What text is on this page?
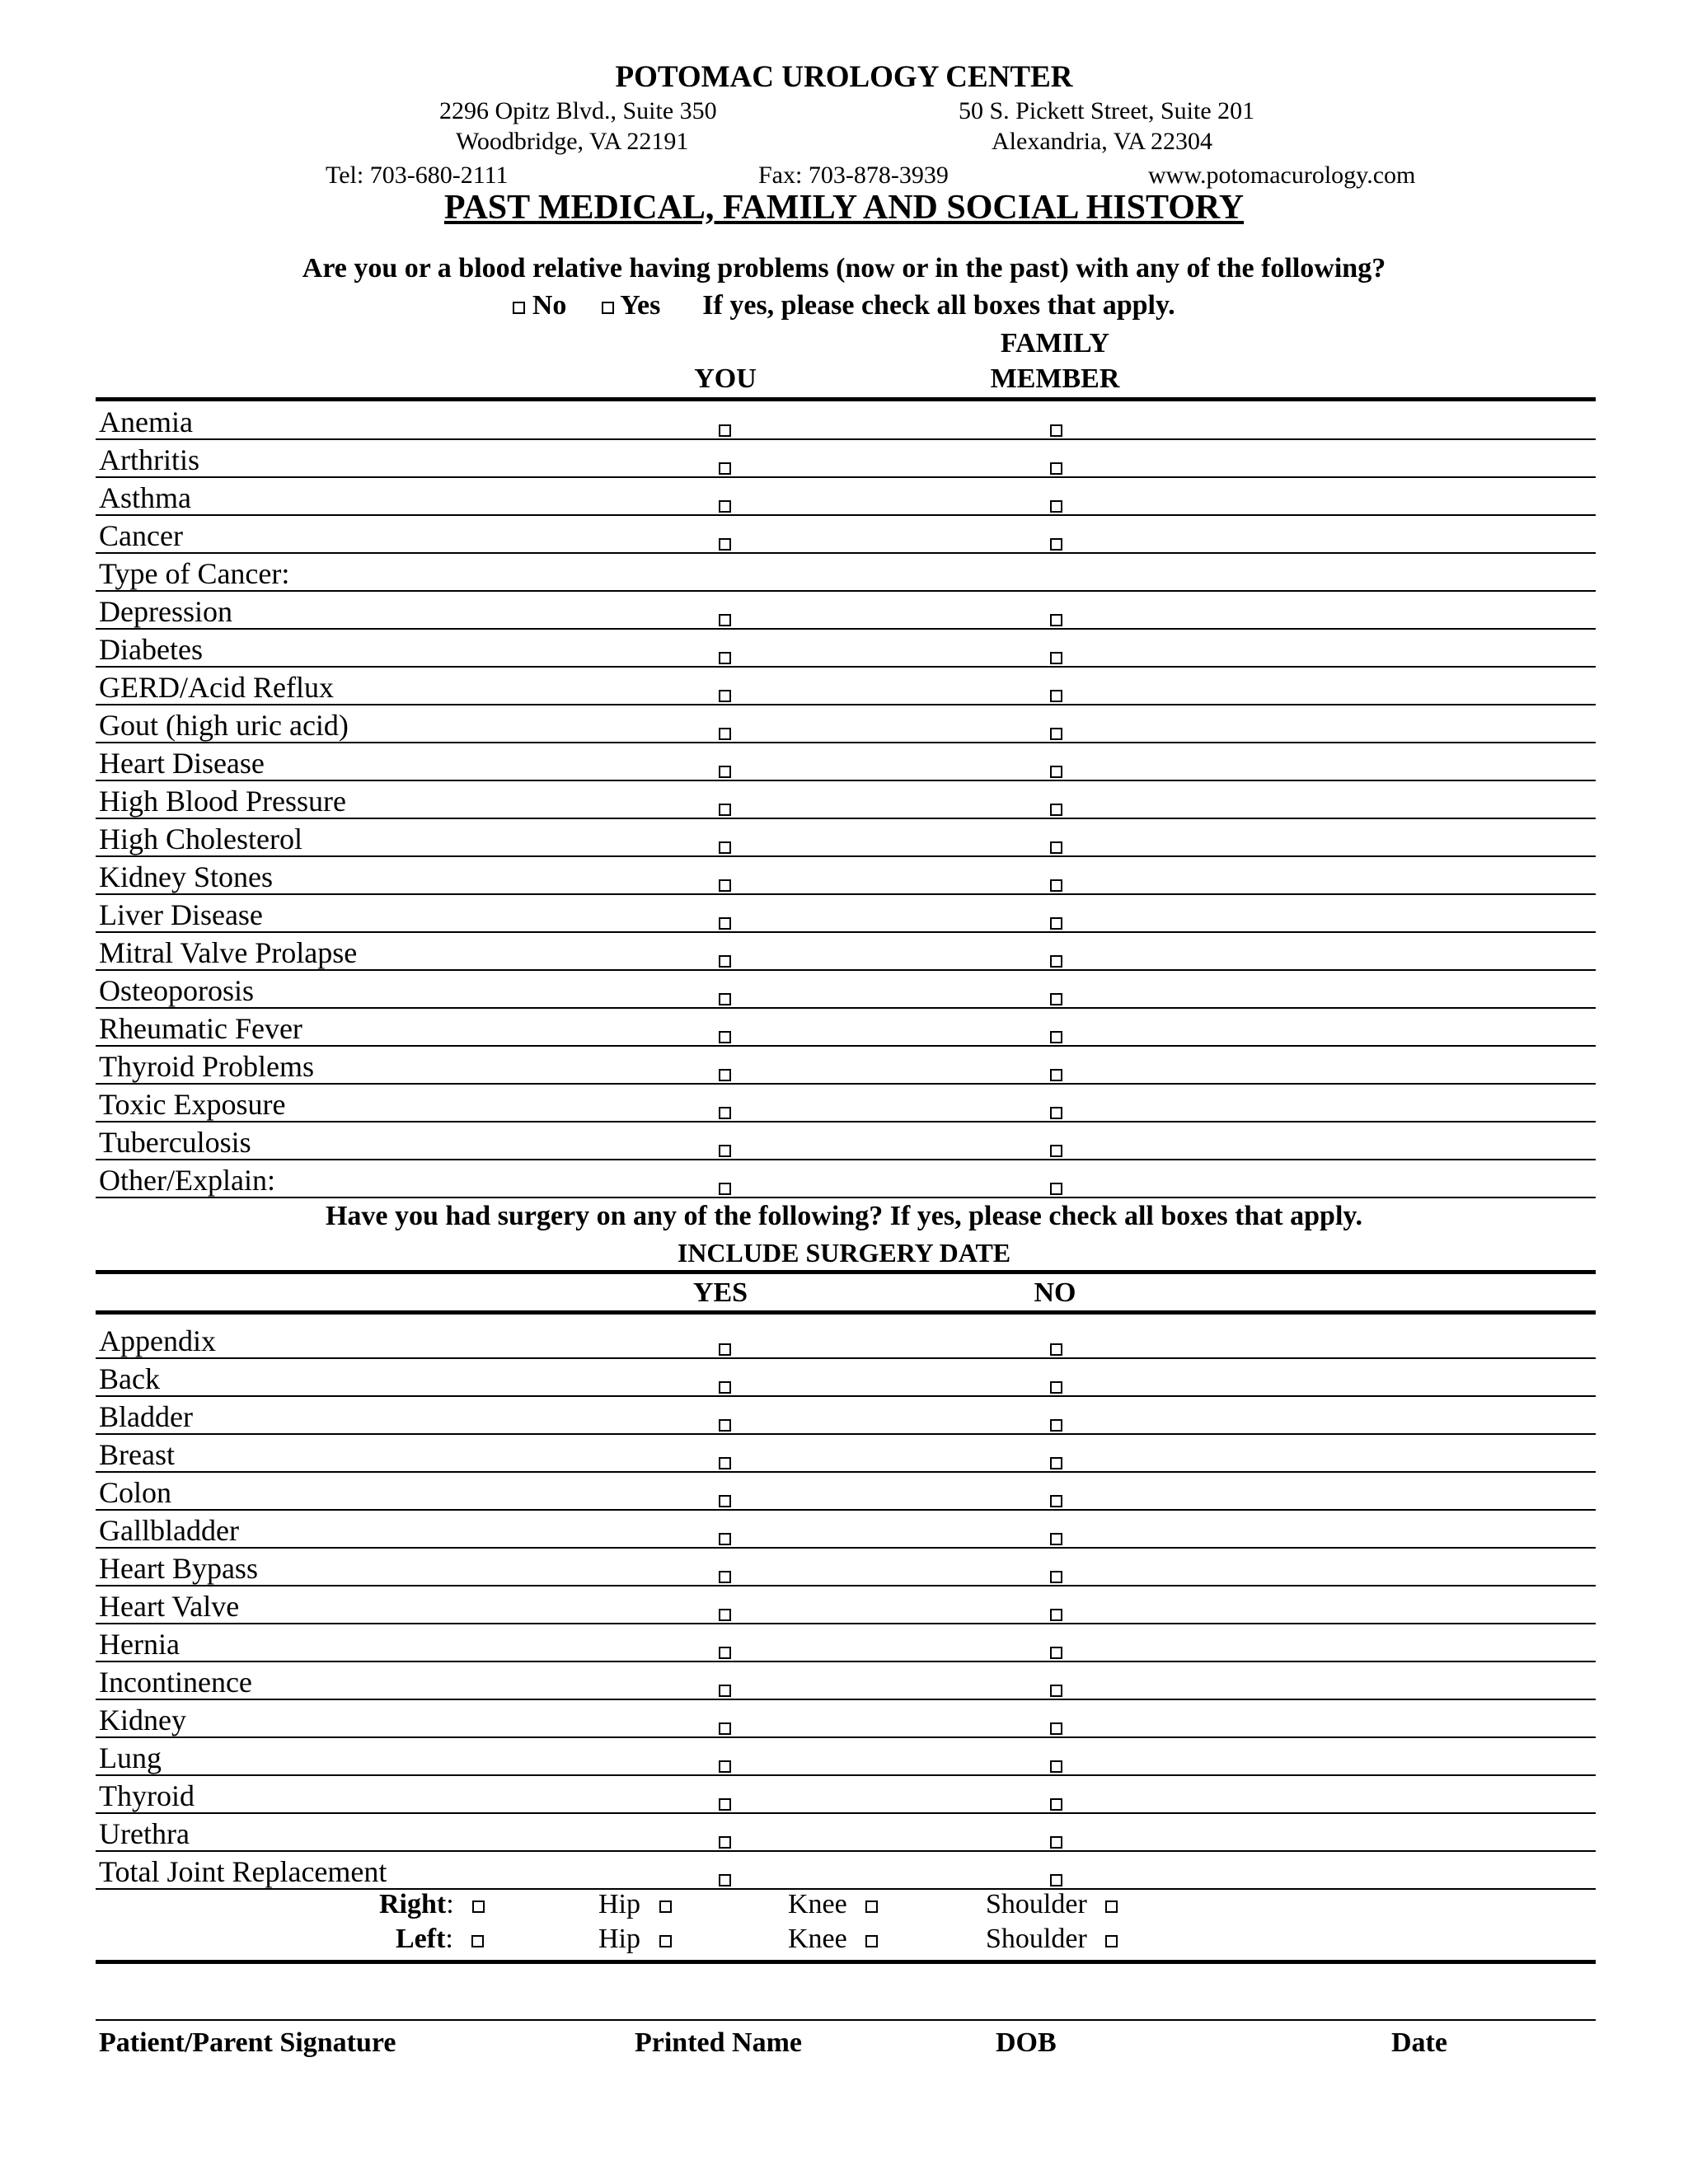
POTOMAC UROLOGY CENTER
2296 Opitz Blvd., Suite 350
Woodbridge, VA 22191
50 S. Pickett Street, Suite 201
Alexandria, VA 22304
Tel: 703-680-2111	Fax: 703-878-3939	www.potomacurology.com
PAST MEDICAL, FAMILY AND SOCIAL HISTORY
Are you or a blood relative having problems (now or in the past) with any of the following?
No Yes If yes, please check all boxes that apply.
FAMILY
YOU	MEMBER
Anemia
Arthritis
Asthma
Cancer
Type of Cancer:
Depression
Diabetes
GERD/Acid Reflux
Gout (high uric acid)
Heart Disease
High Blood Pressure
High Cholesterol
Kidney Stones
Liver Disease
Mitral Valve Prolapse
Osteoporosis
Rheumatic Fever
Thyroid Problems
Toxic Exposure
Tuberculosis
Other/Explain:
Have you had surgery on any of the following? If yes, please check all boxes that apply.
INCLUDE SURGERY DATE
YES	NO
Appendix
Back
Bladder
Breast
Colon
Gallbladder
Heart Bypass
Heart Valve
Hernia
Incontinence
Kidney
Lung
Thyroid
Urethra
Total Joint Replacement
Right:	Hip	Knee	Shoulder
Left:	Hip	Knee	Shoulder
Patient/Parent Signature	Printed Name	DOB	Date
